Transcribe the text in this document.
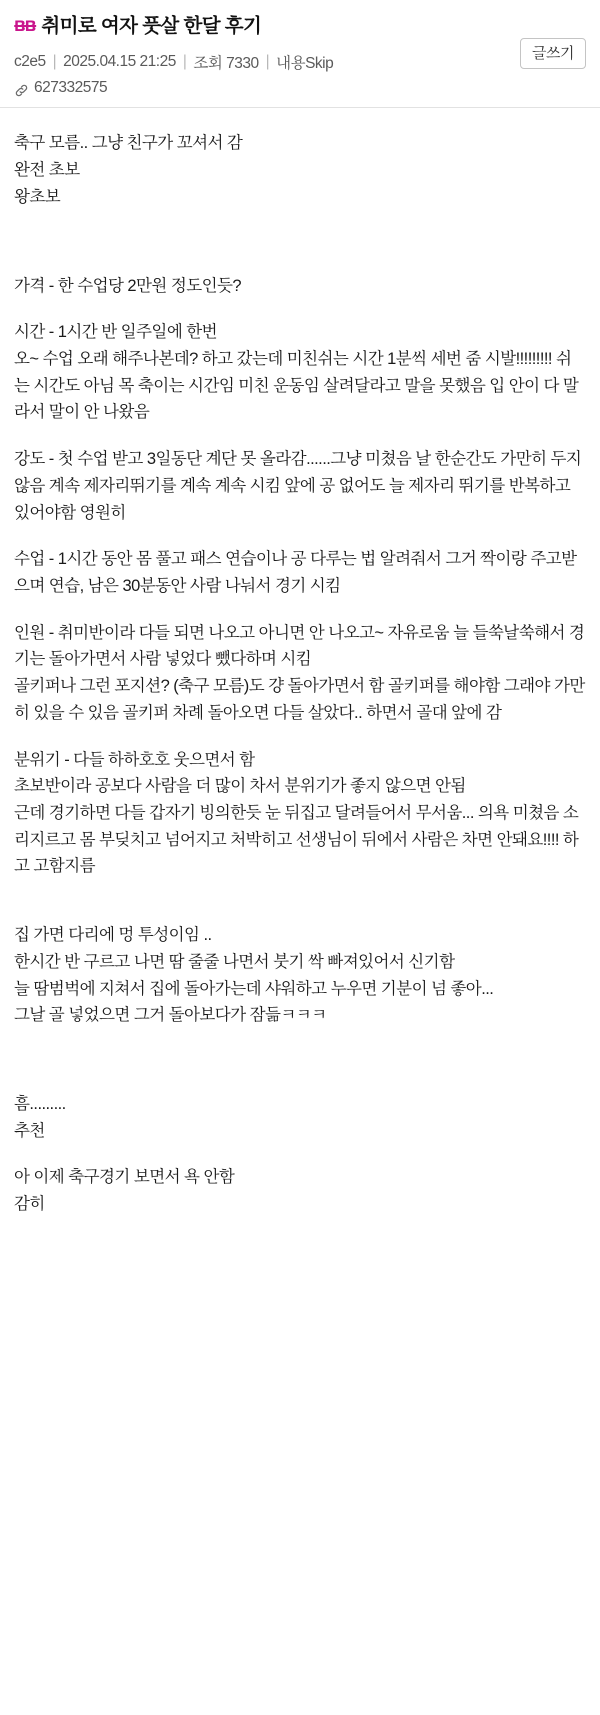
ᴃᴃ 취미로 여자 풋살 한달 후기
c2e5 | 2025.04.15 21:25 | 조회 7330 | 내용Skip
627332575
글쓰기

축구 모름.. 그냥 친구가 꼬셔서 감

완전 초보

왕초보

가격 - 한 수업당 2만원 정도인듯?

시간 - 1시간 반 일주일에 한번

오~ 수업 오래 해주나본데? 하고 갔는데 미친쉬는 시간 1분씩 세번 줌 시발!!!!!!!!! 쉬는 시간도 아님 목 축이는 시간임 미친 운동임 살려달라고 말을 못했음 입 안이 다 말라서 말이 안 나왔음

강도 - 첫 수업 받고 3일동단 계단 못 올라감......그냥 미쳤음 날 한순간도 가만히 두지않음 계속 제자리뛰기를 계속 계속 시킴 앞에 공 없어도 늘 제자리 뛰기를 반복하고 있어야함 영원히

수업 - 1시간 동안 몸 풀고 패스 연습이나 공 다루는 법 알려줘서 그거 짝이랑 주고받으며 연습, 남은 30분동안 사람 나눠서 경기 시킴

인원 - 취미반이라 다들 되면 나오고 아니면 안 나오고~ 자유로움 늘 들쑥날쑥해서 경기는 돌아가면서 사람 넣었다 뺐다하며 시킴

골키퍼나 그런 포지션? (축구 모름)도 걍 돌아가면서 함 골키퍼를 해야함 그래야 가만히 있을 수 있음 골키퍼 차례 돌아오면 다들 살았다.. 하면서 골대 앞에 감

분위기 - 다들 하하호호 웃으면서 함

초보반이라 공보다 사람을 더 많이 차서 분위기가 좋지 않으면 안됨

근데 경기하면 다들 갑자기 빙의한듯 눈 뒤집고 달려들어서 무서움... 의욕 미쳤음 소리지르고 몸 부딪치고 넘어지고 처박히고 선생님이 뒤에서 사람은 차면 안돼요!!!! 하고 고함지름

집 가면 다리에 멍 투성이임 ..

한시간 반 구르고 나면 땀 줄줄 나면서 붓기 싹 빠져있어서 신기함

늘 땀범벅에 지쳐서 집에 돌아가는데 샤워하고 누우면 기분이 넘 좋아...

그날 골 넣었으면 그거 돌아보다가 잠듦ㅋㅋㅋ

흠.........

추천

아 이제 축구경기 보면서 욕 안함

감히
